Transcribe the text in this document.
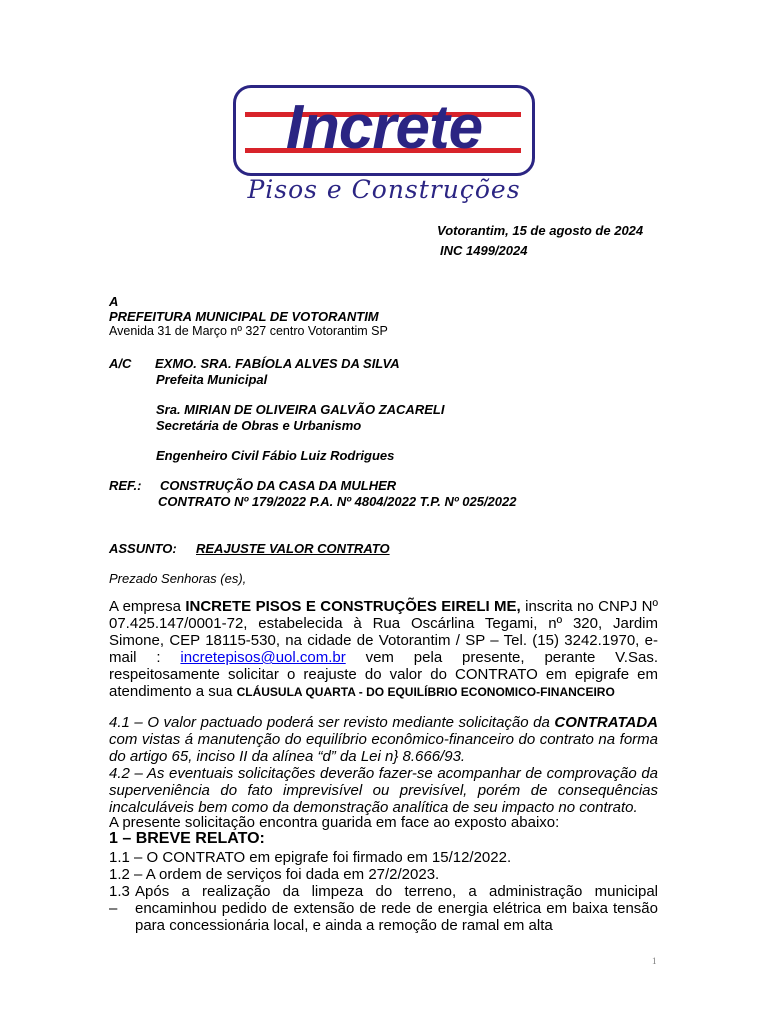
Increte
Pisos e Construções
Votorantim, 15 de agosto de 2024
INC 1499/2024
A
PREFEITURA MUNICIPAL DE VOTORANTIM
Avenida 31 de Março nº 327 centro Votorantim SP
A/C EXMO. SRA. FABÍOLA ALVES DA SILVA
Prefeita Municipal
Sra. MIRIAN DE OLIVEIRA GALVÃO ZACARELI
Secretária de Obras e Urbanismo
Engenheiro Civil Fábio Luiz Rodrigues
REF.: CONSTRUÇÃO DA CASA DA MULHER
CONTRATO Nº 179/2022 P.A. Nº 4804/2022 T.P. Nº 025/2022
ASSUNTO: REAJUSTE VALOR CONTRATO
Prezado Senhoras (es),
A empresa INCRETE PISOS E CONSTRUÇÕES EIRELI ME, inscrita no CNPJ Nº 07.425.147/0001-72, estabelecida à Rua Oscárlina Tegami, nº 320, Jardim Simone, CEP 18115-530, na cidade de Votorantim / SP – Tel. (15) 3242.1970, e-mail : incretepisos@uol.com.br vem pela presente, perante V.Sas. respeitosamente solicitar o reajuste do valor do CONTRATO em epigrafe em atendimento a sua CLÁUSULA QUARTA - DO EQUILÍBRIO ECONOMICO-FINANCEIRO
4.1 – O valor pactuado poderá ser revisto mediante solicitação da CONTRATADA com vistas á manutenção do equilíbrio econômico-financeiro do contrato na forma do artigo 65, inciso II da alínea “d” da Lei n} 8.666/93.
4.2 – As eventuais solicitações deverão fazer-se acompanhar de comprovação da superveniência do fato imprevisível ou previsível, porém de consequências incalculáveis bem como da demonstração analítica de seu impacto no contrato.
A presente solicitação encontra guarida em face ao exposto abaixo:
1 – BREVE RELATO:
1.1 – O CONTRATO em epigrafe foi firmado em 15/12/2022.
1.2 – A ordem de serviços foi dada em 27/2/2023.
1.3 –
Após a realização da limpeza do terreno, a administração municipal encaminhou pedido de extensão de rede de energia elétrica em baixa tensão para concessionária local, e ainda a remoção de ramal em alta
1
